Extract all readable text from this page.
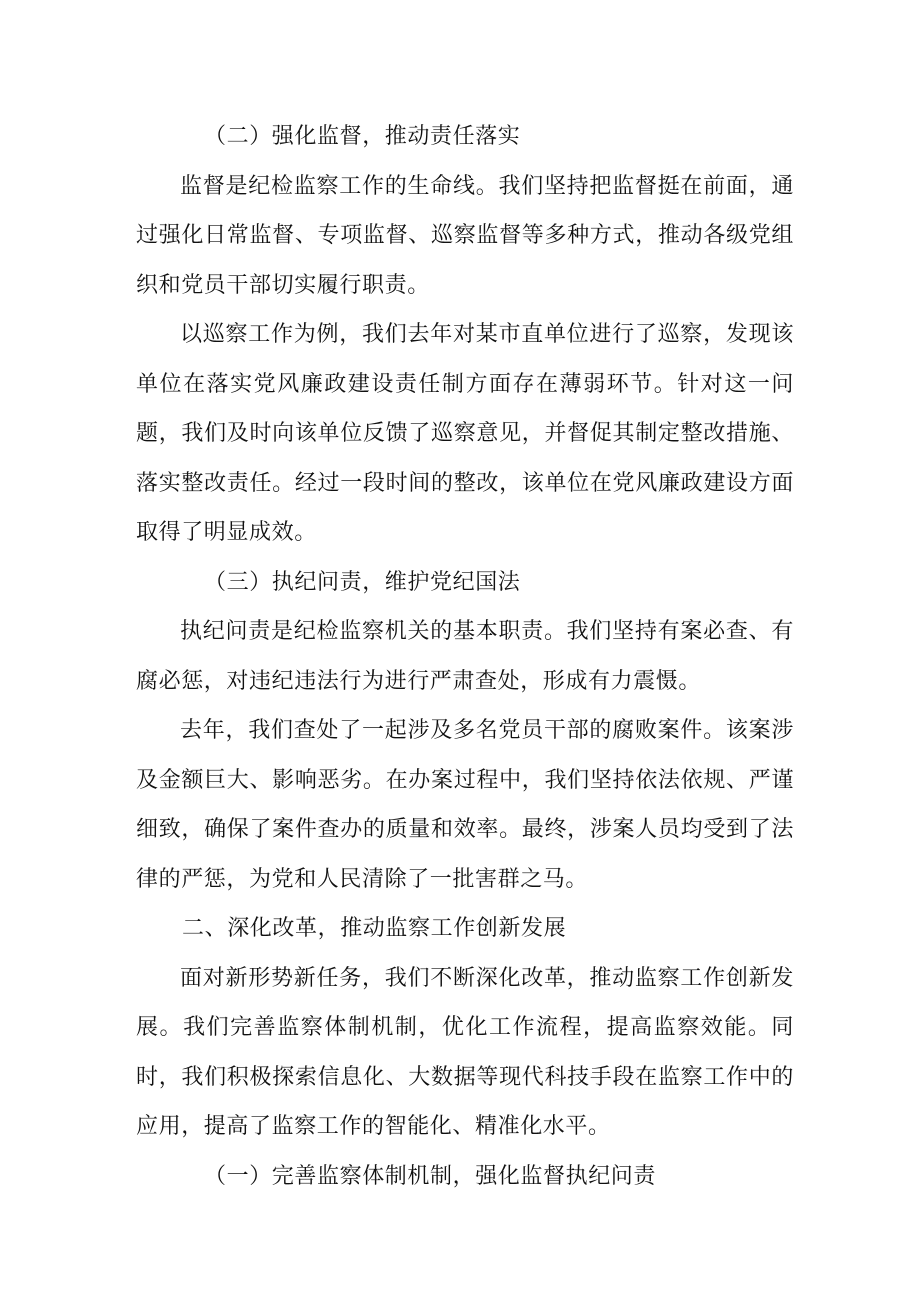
（二）强化监督，推动责任落实

监督是纪检监察工作的生命线。我们坚持把监督挺在前面，通过强化日常监督、专项监督、巡察监督等多种方式，推动各级党组织和党员干部切实履行职责。

以巡察工作为例，我们去年对某市直单位进行了巡察，发现该单位在落实党风廉政建设责任制方面存在薄弱环节。针对这一问题，我们及时向该单位反馈了巡察意见，并督促其制定整改措施、落实整改责任。经过一段时间的整改，该单位在党风廉政建设方面取得了明显成效。

（三）执纪问责，维护党纪国法

执纪问责是纪检监察机关的基本职责。我们坚持有案必查、有腐必惩，对违纪违法行为进行严肃查处，形成有力震慑。

去年，我们查处了一起涉及多名党员干部的腐败案件。该案涉及金额巨大、影响恶劣。在办案过程中，我们坚持依法依规、严谨细致，确保了案件查办的质量和效率。最终，涉案人员均受到了法律的严惩，为党和人民清除了一批害群之马。

二、深化改革，推动监察工作创新发展

面对新形势新任务，我们不断深化改革，推动监察工作创新发展。我们完善监察体制机制，优化工作流程，提高监察效能。同时，我们积极探索信息化、大数据等现代科技手段在监察工作中的应用，提高了监察工作的智能化、精准化水平。

（一）完善监察体制机制，强化监督执纪问责
